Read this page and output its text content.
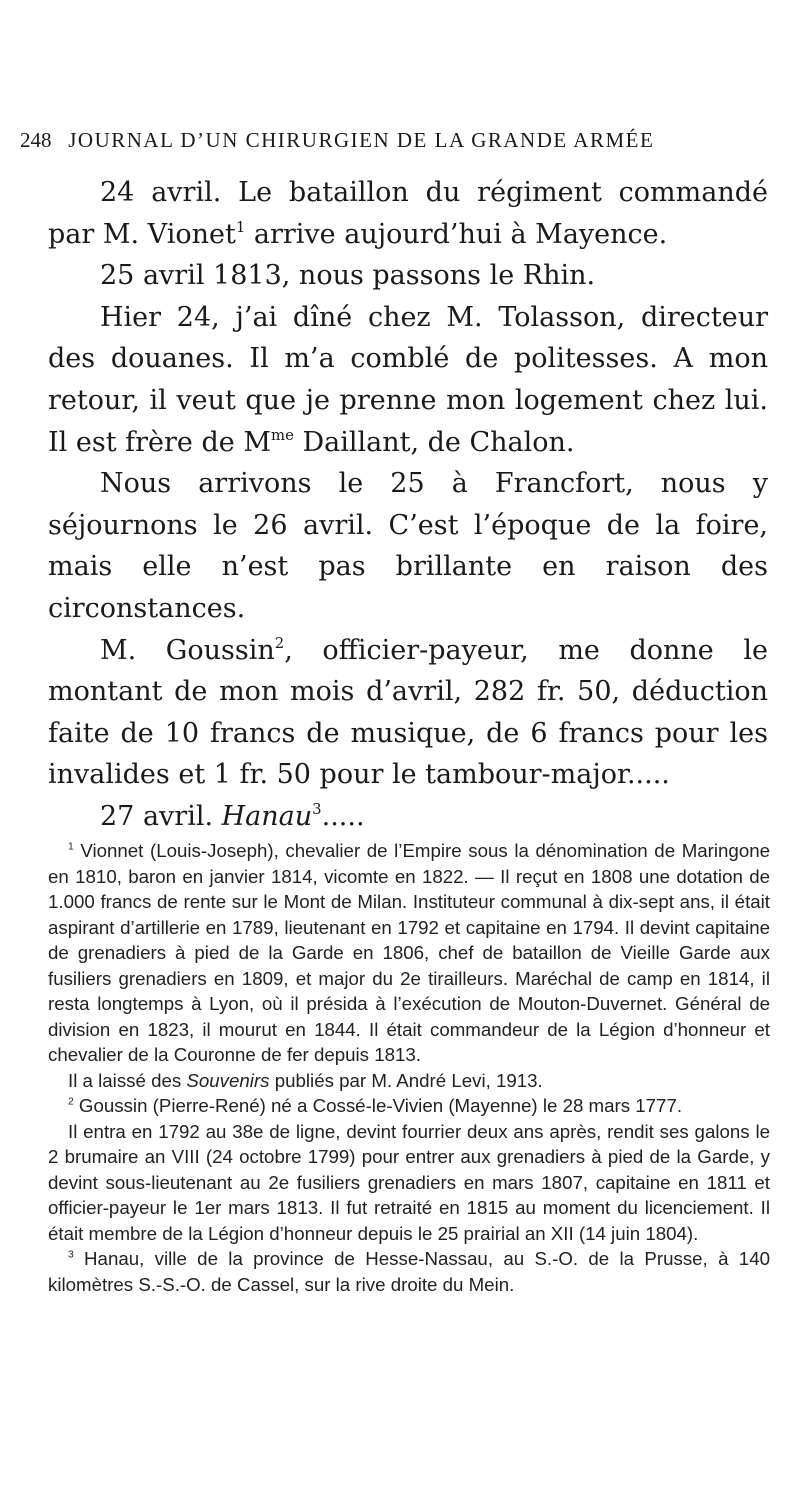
248 JOURNAL D’UN CHIRURGIEN DE LA GRANDE ARMÉE

24 avril. Le bataillon du régiment commandé par M. Vionet$^1$ arrive aujourd’hui à Mayence.

25 avril 1813, nous passons le Rhin.

Hier 24, j’ai dîné chez M. Tolasson, directeur des douanes. Il m’a comblé de politesses. A mon retour, il veut que je prenne mon logement chez lui. Il est frère de $M^{me}$ Daillant, de Chalon.

Nous arrivons le 25 à Francfort, nous y séjournons le 26 avril. C’est l’époque de la foire, mais elle n’est pas brillante en raison des circonstances.

M. Goussin$^2$, officier-payeur, me donne le montant de mon mois d’avril, 282 fr. 50, déduction faite de 10 francs de musique, de 6 francs pour les invalides et 1 fr. 50 pour le tambour-major.....

27 avril. Hanau$^3$.....

$^1$ Vionnet (Louis-Joseph), chevalier de l’Empire sous la dénomination de Maringone en 1810, baron en janvier 1814, vicomte en 1822. — Il reçut en 1808 une dotation de 1.000 francs de rente sur le Mont de Milan. Instituteur communal à dix-sept ans, il était aspirant d’artillerie en 1789, lieutenant en 1792 et capitaine en 1794. Il devint capitaine de grenadiers à pied de la Garde en 1806, chef de bataillon de Vieille Garde aux fusiliers grenadiers en 1809, et major du 2e tirailleurs. Maréchal de camp en 1814, il resta longtemps à Lyon, où il présida à l’exécution de Mouton-Duvernet. Général de division en 1823, il mourut en 1844. Il était commandeur de la Légion d’honneur et chevalier de la Couronne de fer depuis 1813.

Il a laissé des Souvenirs publiés par M. André Levi, 1913.

$^2$ Goussin (Pierre-René) né a Cossé-le-Vivien (Mayenne) le 28 mars 1777.

Il entra en 1792 au 38e de ligne, devint fourrier deux ans après, rendit ses galons le 2 brumaire an VIII (24 octobre 1799) pour entrer aux grenadiers à pied de la Garde, y devint sous-lieutenant au 2e fusiliers grenadiers en mars 1807, capitaine en 1811 et officier-payeur le 1er mars 1813. Il fut retraité en 1815 au moment du licenciement. Il était membre de la Légion d’honneur depuis le 25 prairial an XII (14 juin 1804).

$^3$ Hanau, ville de la province de Hesse-Nassau, au S.-O. de la Prusse, à 140 kilomètres S.-S.-O. de Cassel, sur la rive droite du Mein.
